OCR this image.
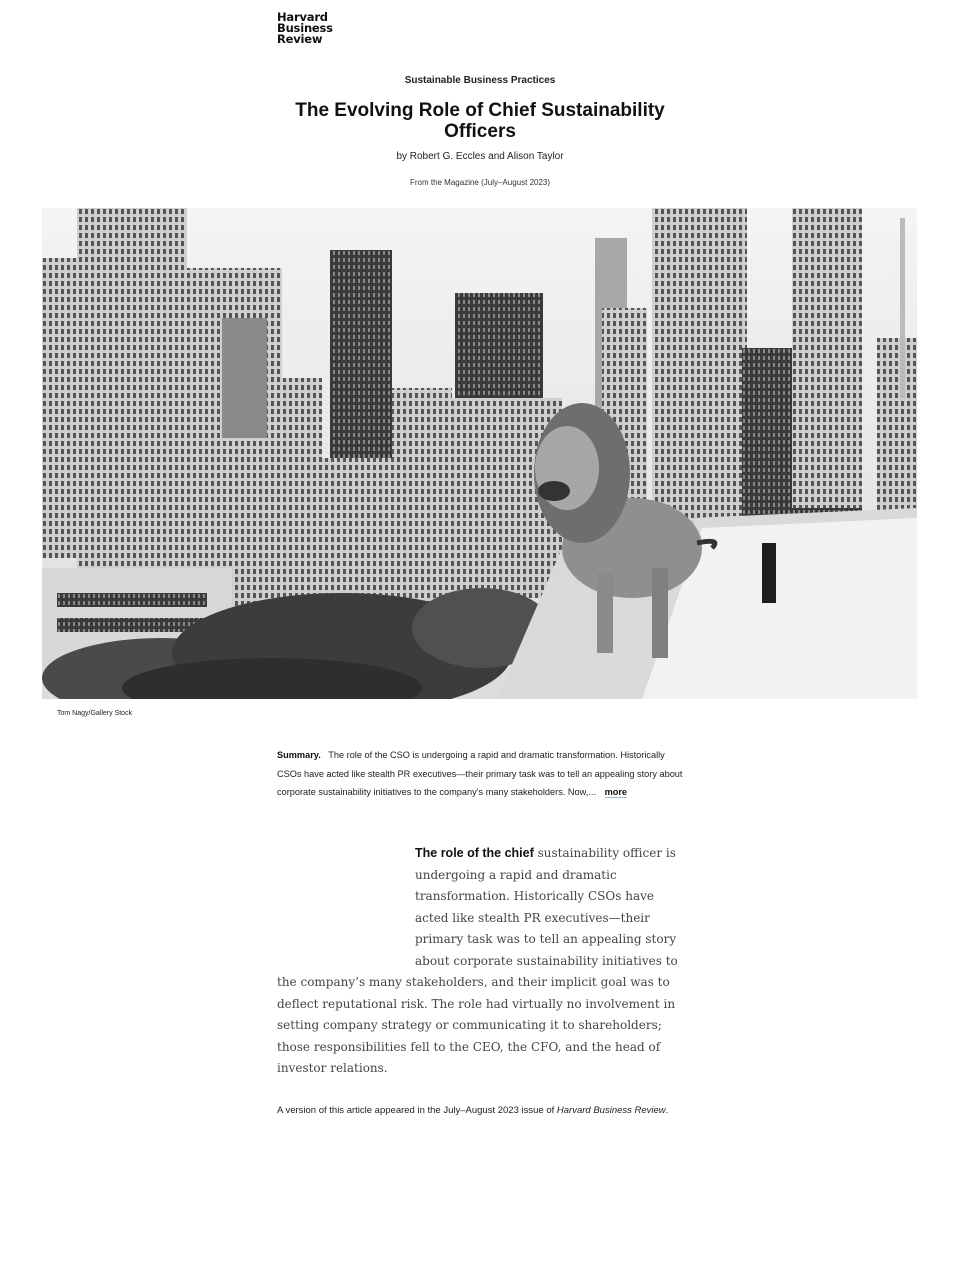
Harvard
Business
Review
Sustainable Business Practices
The Evolving Role of Chief Sustainability Officers
by Robert G. Eccles and Alison Taylor
From the Magazine (July–August 2023)
Tom Nagy/Gallery Stock

Summary. The role of the CSO is undergoing a rapid and dramatic transformation. Historically CSOs have acted like stealth PR executives—their primary task was to tell an appealing story about corporate sustainability initiatives to the company’s many stakeholders. Now,... more

The role of the chief sustainability officer is undergoing a rapid and dramatic transformation. Historically CSOs have acted like stealth PR executives—their primary task was to tell an appealing story about corporate sustainability initiatives to the company’s many stakeholders, and their implicit goal was to deflect reputational risk. The role had virtually no involvement in setting company strategy or communicating it to shareholders; those responsibilities fell to the CEO, the CFO, and the head of investor relations.

A version of this article appeared in the July–August 2023 issue of Harvard Business Review.
